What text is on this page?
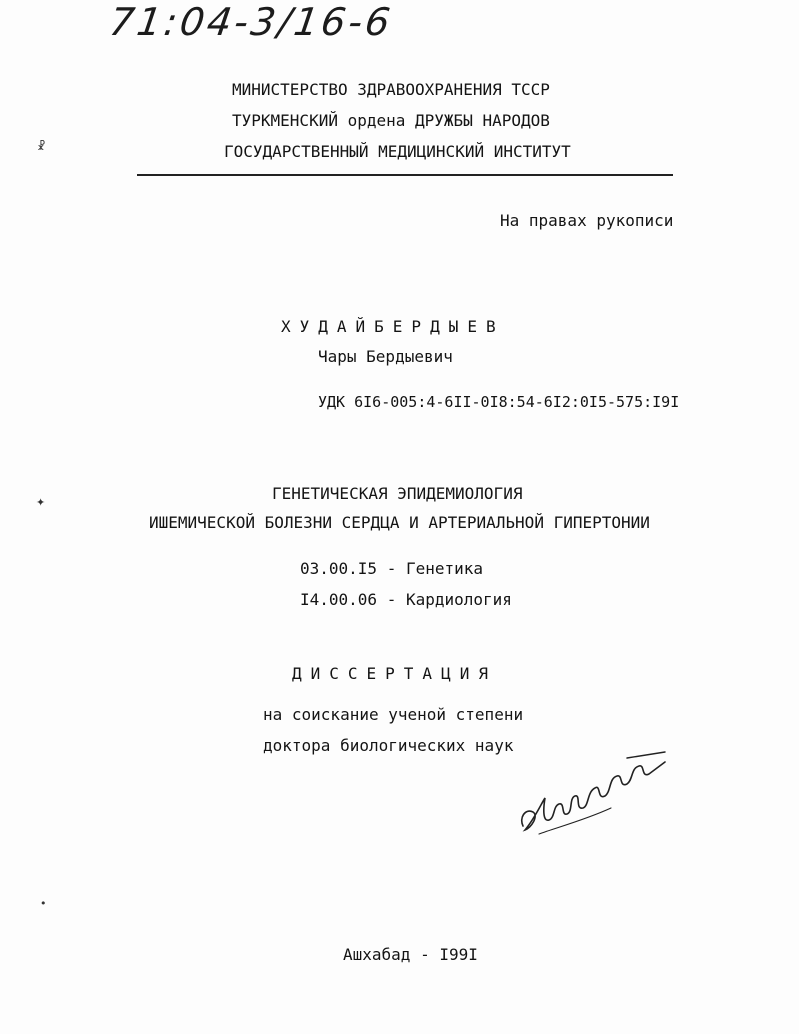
71:04-3/16-6
МИНИСТЕРСТВО ЗДРАВООХРАНЕНИЯ ТССР
ТУРКМЕНСКИЙ ордена ДРУЖБЫ НАРОДОВ
ГОСУДАРСТВЕННЫЙ МЕДИЦИНСКИЙ ИНСТИТУТ
☧
✦
•
На правах рукописи
ХУДАЙБЕРДЫЕВ
Чары Бердыевич
УДК 6I6-005:4-6II-0I8:54-6I2:0I5-575:I9I
ГЕНЕТИЧЕСКАЯ ЭПИДЕМИОЛОГИЯ
ИШЕМИЧЕСКОЙ БОЛЕЗНИ СЕРДЦА И АРТЕРИАЛЬНОЙ ГИПЕРТОНИИ
03.00.I5 - Генетика
I4.00.06 - Кардиология
ДИССЕРТАЦИЯ
на соискание ученой степени
доктора биологических наук
Ашхабад - I99I
